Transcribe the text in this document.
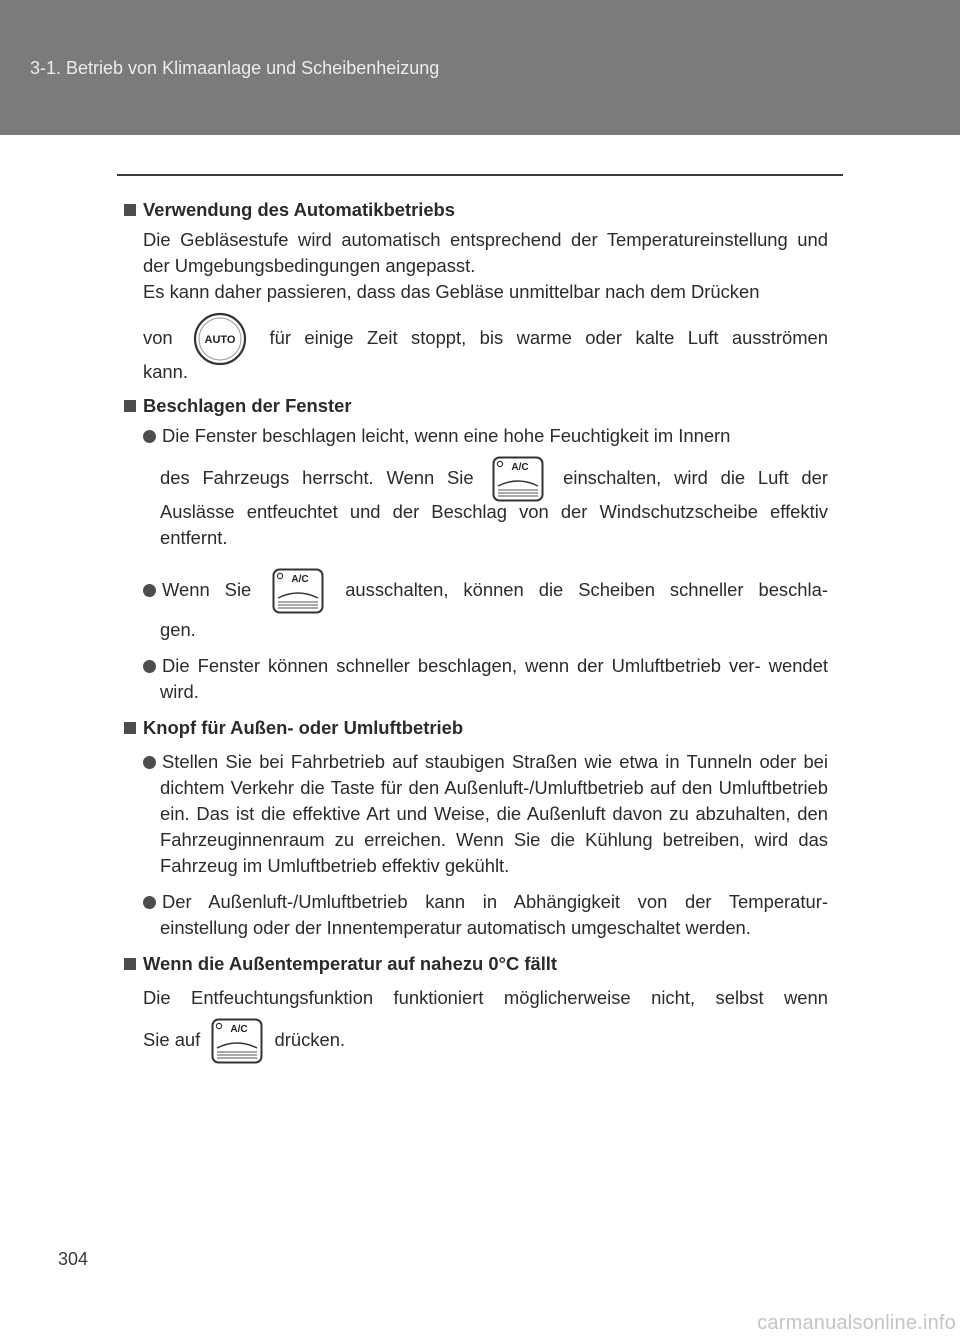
3-1. Betrieb von Klimaanlage und Scheibenheizung

Verwendung des Automatikbetriebs

Die Gebläsestufe wird automatisch entsprechend der Temperatureinstellung und der Umgebungsbedingungen angepasst.

Es kann daher passieren, dass das Gebläse unmittelbar nach dem Drücken

von	AUTO für einige Zeit stoppt, bis warme oder kalte Luft ausströmen

kann.

Beschlagen der Fenster

Die Fenster beschlagen leicht, wenn eine hohe Feuchtigkeit im Innern
des Fahrzeugs herrscht. Wenn Sie	A/C einschalten, wird die Luft der
Auslässe entfeuchtet und der Beschlag von der Windschutzscheibe effektiv entfernt.
Wenn Sie	A/C ausschalten, können die Scheiben schneller beschla-

gen.

Die Fenster können schneller beschlagen, wenn der Umluftbetrieb ver- wendet wird.

Knopf für Außen- oder Umluftbetrieb

Stellen Sie bei Fahrbetrieb auf staubigen Straßen wie etwa in Tunneln oder bei dichtem Verkehr die Taste für den Außenluft-/Umluftbetrieb auf den Umluftbetrieb ein. Das ist die effektive Art und Weise, die Außenluft davon zu abzuhalten, den Fahrzeuginnenraum zu erreichen. Wenn Sie die Kühlung betreiben, wird das Fahrzeug im Umluftbetrieb effektiv gekühlt.
Der Außenluft-/Umluftbetrieb kann in Abhängigkeit von der Temperatur- einstellung oder der Innentemperatur automatisch umgeschaltet werden.

Wenn die Außentemperatur auf nahezu 0°C fällt

Die Entfeuchtungsfunktion funktioniert möglicherweise nicht, selbst wenn

Sie auf	A/C drücken.

304
carmanualsonline.info
